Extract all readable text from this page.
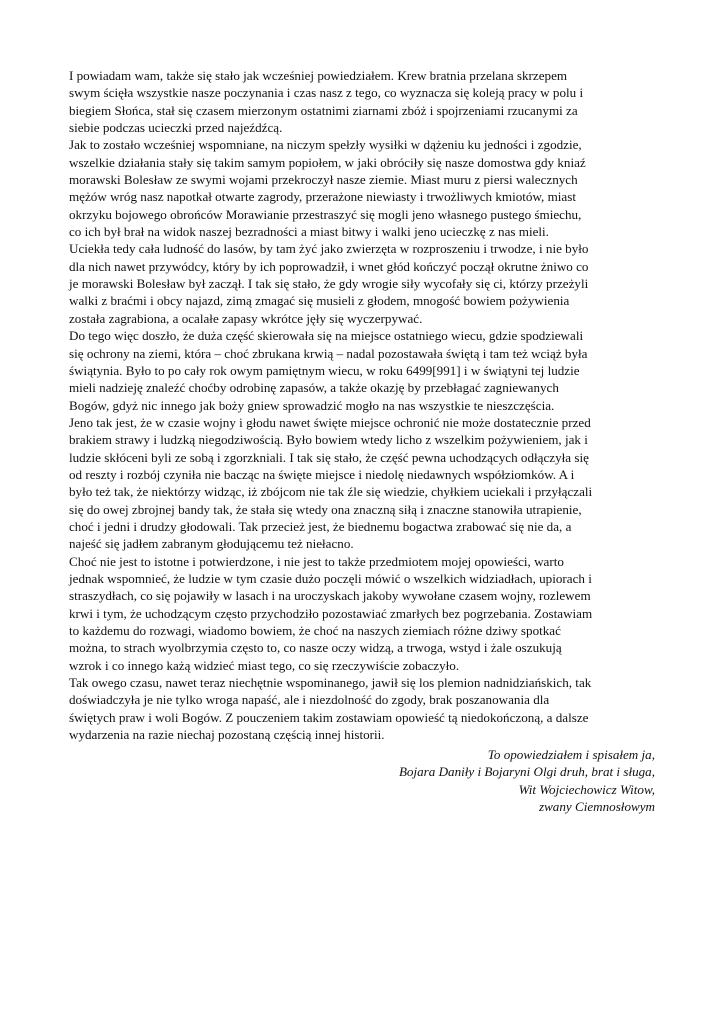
I powiadam wam, także się stało jak wcześniej powiedziałem. Krew bratnia przelana skrzepem
swym ścięła wszystkie nasze poczynania i czas nasz z tego, co wyznacza się koleją pracy w polu i
biegiem Słońca, stał się czasem mierzonym ostatnimi ziarnami zbóż i spojrzeniami rzucanymi za
siebie podczas ucieczki przed najeźdźcą.

Jak to zostało wcześniej wspomniane, na niczym spełzły wysiłki w dążeniu ku jedności i zgodzie,
wszelkie działania stały się takim samym popiołem, w jaki obróciły się nasze domostwa gdy kniaź
morawski Bolesław ze swymi wojami przekroczył nasze ziemie. Miast muru z piersi walecznych
mężów wróg nasz napotkał otwarte zagrody, przerażone niewiasty i trwożliwych kmiotów, miast
okrzyku bojowego obrońców Morawianie przestraszyć się mogli jeno własnego pustego śmiechu,
co ich był brał na widok naszej bezradności a miast bitwy i walki jeno ucieczkę z nas mieli.

Uciekła tedy cała ludność do lasów, by tam żyć jako zwierzęta w rozproszeniu i trwodze, i nie było
dla nich nawet przywódcy, który by ich poprowadził, i wnet głód kończyć począł okrutne żniwo co
je morawski Bolesław był zaczął. I tak się stało, że gdy wrogie siły wycofały się ci, którzy przeżyli
walki z braćmi i obcy najazd, zimą zmagać się musieli z głodem, mnogość bowiem pożywienia
została zagrabiona, a ocalałe zapasy wkrótce jęły się wyczerpywać.

Do tego więc doszło, że duża część skierowała się na miejsce ostatniego wiecu, gdzie spodziewali
się ochrony na ziemi, która – choć zbrukana krwią – nadal pozostawała świętą i tam też wciąż była
świątynia. Było to po cały rok owym pamiętnym wiecu, w roku 6499[991] i w świątyni tej ludzie
mieli nadzieję znaleźć choćby odrobinę zapasów, a także okazję by przebłagać zagniewanych
Bogów, gdyż nic innego jak boży gniew sprowadzić mogło na nas wszystkie te nieszczęścia.

Jeno tak jest, że w czasie wojny i głodu nawet święte miejsce ochronić nie może dostatecznie przed
brakiem strawy i ludzką niegodziwością. Było bowiem wtedy licho z wszelkim pożywieniem, jak i
ludzie skłóceni byli ze sobą i zgorzkniali. I tak się stało, że część pewna uchodzących odłączyła się
od reszty i rozbój czyniła nie bacząc na święte miejsce i niedolę niedawnych współziomków. A i
było też tak, że niektórzy widząc, iż zbójcom nie tak źle się wiedzie, chyłkiem uciekali i przyłączali
się do owej zbrojnej bandy tak, że stała się wtedy ona znaczną siłą i znaczne stanowiła utrapienie,
choć i jedni i drudzy głodowali. Tak przecież jest, że biednemu bogactwa zrabować się nie da, a
najeść się jadłem zabranym głodującemu też niełacno.

Choć nie jest to istotne i potwierdzone, i nie jest to także przedmiotem mojej opowieści, warto
jednak wspomnieć, że ludzie w tym czasie dużo poczęli mówić o wszelkich widziadłach, upiorach i
straszydłach, co się pojawiły w lasach i na uroczyskach jakoby wywołane czasem wojny, rozlewem
krwi i tym, że uchodzącym często przychodziło pozostawiać zmarłych bez pogrzebania. Zostawiam
to każdemu do rozwagi, wiadomo bowiem, że choć na naszych ziemiach różne dziwy spotkać
można, to strach wyolbrzymia często to, co nasze oczy widzą, a trwoga, wstyd i żale oszukują
wzrok i co innego każą widzieć miast tego, co się rzeczywiście zobaczyło.

Tak owego czasu, nawet teraz niechętnie wspominanego, jawił się los plemion nadnidziańskich, tak
doświadczyła je nie tylko wroga napaść, ale i niezdolność do zgody, brak poszanowania dla
świętych praw i woli Bogów. Z pouczeniem takim zostawiam opowieść tą niedokończoną, a dalsze
wydarzenia na razie niechaj pozostaną częścią innej historii.

To opowiedziałem i spisałem ja,
Bojara Daniły i Bojaryni Olgi druh, brat i sługa,
Wit Wojciechowicz Witow,
zwany Ciemnosłowym
